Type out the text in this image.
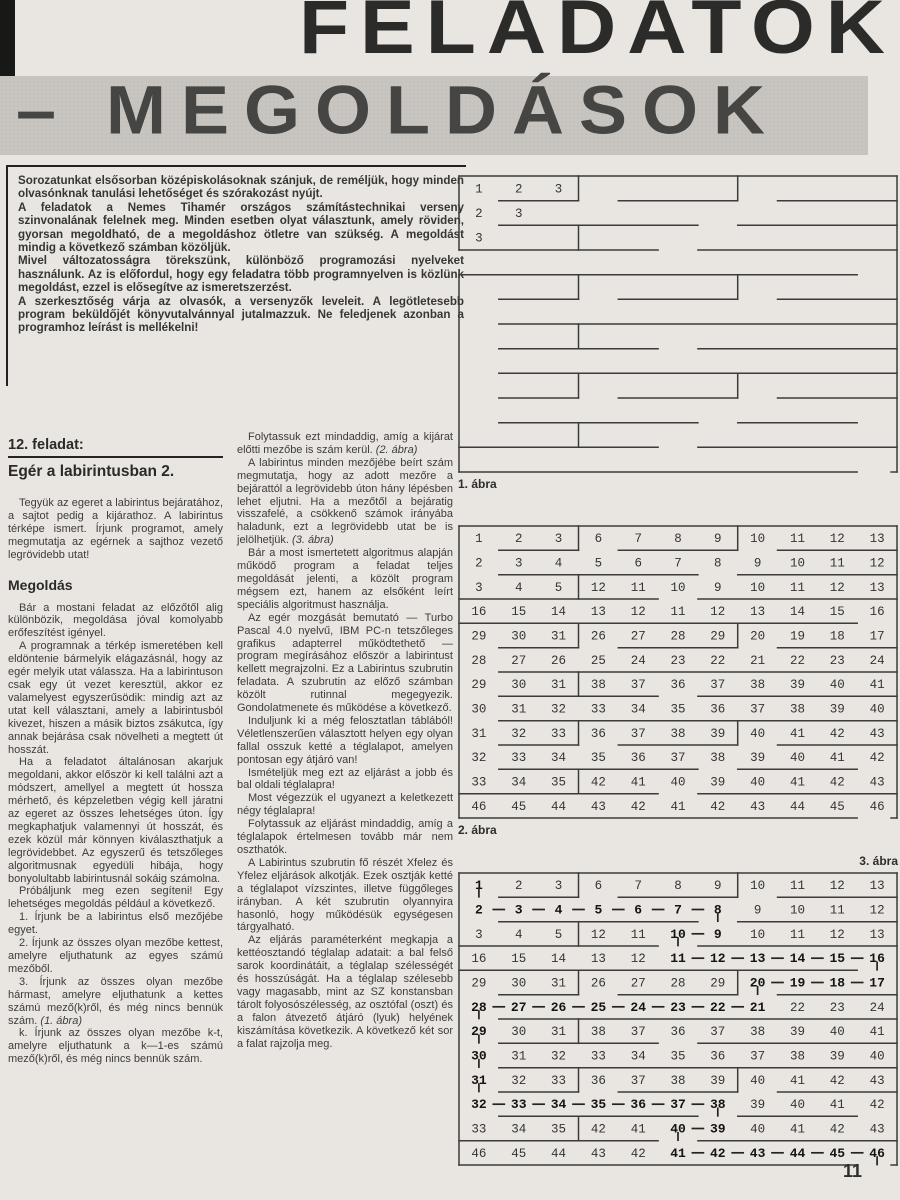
FELADATOK
– MEGOLDÁSOK

Sorozatunkat elsősorban középiskolásoknak szánjuk, de reméljük, hogy minden olvasónknak tanulási lehetőséget és szórakozást nyújt.

A feladatok a Nemes Tihamér országos számítástechnikai verseny szinvonalának felelnek meg. Minden esetben olyat választunk, amely röviden, gyorsan megoldható, de a megoldáshoz ötletre van szükség. A megoldást mindig a következő számban közöljük.

Mivel változatosságra törekszünk, különböző programozási nyelveket használunk. Az is előfordul, hogy egy feladatra több programnyelven is közlünk megoldást, ezzel is elősegítve az ismeretszerzést.

A szerkesztőség várja az olvasók, a versenyzők leveleit. A legötletesebb program beküldőjét könyvutalvánnyal jutalmazzuk. Ne feledjenek azonban a programhoz leírást is mellékelni!

12. feladat:
Egér a labirintusban 2.

Tegyük az egeret a labirintus bejáratához, a sajtot pedig a kijárathoz. A labirintus térképe ismert. Írjunk programot, amely megmutatja az egérnek a sajthoz vezető legrövidebb utat!

Megoldás

Bár a mostani feladat az előzőtől alig különbözik, megoldása jóval komolyabb erőfeszítést igényel.

A programnak a térkép ismeretében kell eldöntenie bármelyik elágazásnál, hogy az egér melyik utat válassza. Ha a labirintuson csak egy út vezet keresztül, akkor ez valamelyest egyszerűsödik: mindig azt az utat kell választani, amely a labirintusból kivezet, hiszen a másik biztos zsákutca, így annak bejárása csak növelheti a megtett út hosszát.

Ha a feladatot általánosan akarjuk megoldani, akkor először ki kell találni azt a módszert, amellyel a megtett út hossza mérhető, és képzeletben végig kell járatni az egeret az összes lehetséges úton. Így megkaphatjuk valamennyi út hosszát, és ezek közül már könnyen kiválaszthatjuk a legrövidebbet. Az egyszerű és tetszőleges algoritmusnak egyedüli hibája, hogy bonyolultabb labirintusnál sokáig számolna.

Próbáljunk meg ezen segíteni! Egy lehetséges megoldás például a következő.

1. Írjunk be a labirintus első mezőjébe egyet.

2. Írjunk az összes olyan mezőbe kettest, amelyre eljuthatunk az egyes számú mezőből.

3. Írjunk az összes olyan mezőbe hármast, amelyre eljuthatunk a kettes számú mező(k)ről, és még nincs bennük szám. (1. ábra)

k. Írjunk az összes olyan mezőbe k-t, amelyre eljuthatunk a k—1-es számú mező(k)ről, és még nincs bennük szám.

Folytassuk ezt mindaddig, amíg a kijárat előtti mezőbe is szám kerül. (2. ábra)

A labirintus minden mezőjébe beírt szám megmutatja, hogy az adott mezőre a bejárattól a legrövidebb úton hány lépésben lehet eljutni. Ha a mezőtől a bejáratig visszafelé, a csökkenő számok irányába haladunk, ezt a legrövidebb utat be is jelölhetjük. (3. ábra)

Bár a most ismertetett algoritmus alapján működő program a feladat teljes megoldását jelenti, a közölt program mégsem ezt, hanem az elsőként leírt speciális algoritmust használja.

Az egér mozgását bemutató — Turbo Pascal 4.0 nyelvű, IBM PC-n tetszőleges grafikus adapterrel működtethető — program megírásához először a labirintust kellett megrajzolni. Ez a Labirintus szubrutin feladata. A szubrutin az előző számban közölt rutinnal megegyezik. Gondolatmenete és működése a következő.

Induljunk ki a még felosztatlan táblából! Véletlenszerűen választott helyen egy olyan fallal osszuk ketté a téglalapot, amelyen pontosan egy átjáró van!

Ismételjük meg ezt az eljárást a jobb és bal oldali téglalapra!

Most végezzük el ugyanezt a keletkezett négy téglalapra!

Folytassuk az eljárást mindaddig, amíg a téglalapok értelmesen tovább már nem oszthatók.

A Labirintus szubrutin fő részét Xfelez és Yfelez eljárások alkotják. Ezek osztják ketté a téglalapot vízszintes, illetve függőleges irányban. A két szubrutin olyannyira hasonló, hogy működésük egységesen tárgyalható.

Az eljárás paraméterként megkapja a kettéosztandó téglalap adatait: a bal felső sarok koordinátáit, a téglalap szélességét és hosszúságát. Ha a téglalap szélesebb vagy magasabb, mint az SZ konstansban tárolt folyosószélesség, az osztófal (oszt) és a falon átvezető átjáró (lyuk) helyének kiszámítása következik. A következő két sor a falat rajzolja meg.

1	2	3
2	3
3
1. ábra
1	2	3	6	7	8	9 10 11 12 13
2	3	4	5	6	7	8	9 10 11 12
3	4	5 12 11 10 9 10 11 12 13
16 15 14 13 12 11 12 13 14 15 16
29 30 31 26 27 28 29 20 19 18 17
28 27 26 25 24 23 22 21 22 23 24
29 30 31 38 37 36 37 38 39 40 41
30 31 32 33 34 35 36 37 38 39 40
31 32 33 36 37 38 39 40 41 42 43
32 33 34 35 36 37 38 39 40 41 42
33 34 35 42 41 40 39 40 41 42 43
46 45 44 43 42 41 42 43 44 45 46
2. ábra
3. ábra
1	2	3	6	7	8	9 10 11 12 13
2 3 4 5 6 7 8	9 10 11 12
3	4	5 12 11 10 9 10 11 12 13
16 15 14 13 12 11 12 13 14 15 16
29 30 31 26 27 28 29 20 19 18 17
28 27 26 25 24 23 22 21 22 23 24
29 30 31 38 37 36 37 38 39 40 41
30 31 32 33 34 35 36 37 38 39 40
31 32 33 36 37 38 39 40 41 42 43
32 33 34 35 36 37 38 39 40 41 42
33 34 35 42 41 40 39 40 41 42 43
46 45 44 43 42 41 42 43 44 45 46
11
